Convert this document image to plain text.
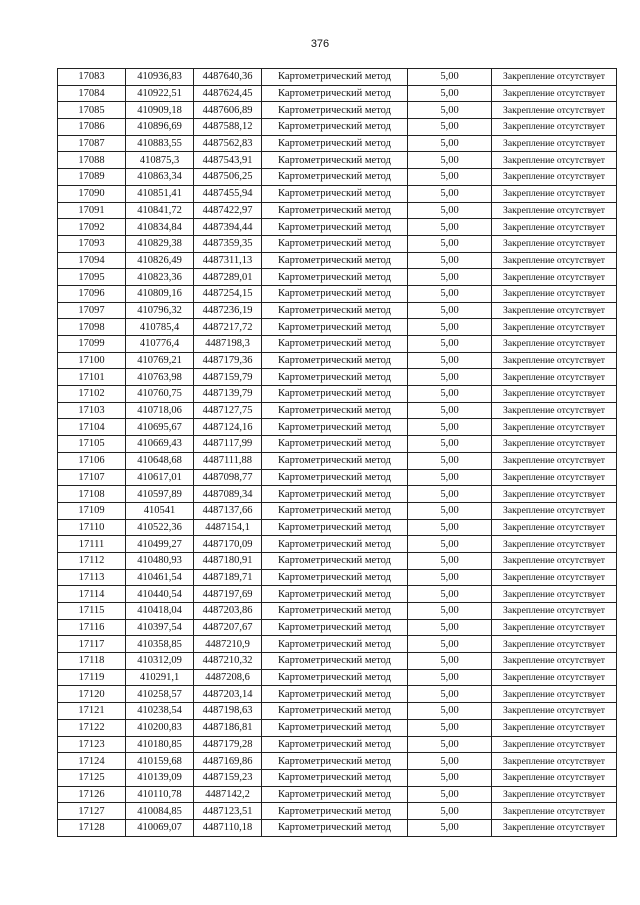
376
17083	410936,83	4487640,36	Картометрический метод	5,00	Закрепление отсутствует
17084	410922,51	4487624,45	Картометрический метод	5,00	Закрепление отсутствует
17085	410909,18	4487606,89	Картометрический метод	5,00	Закрепление отсутствует
17086	410896,69	4487588,12	Картометрический метод	5,00	Закрепление отсутствует
17087	410883,55	4487562,83	Картометрический метод	5,00	Закрепление отсутствует
17088	410875,3	4487543,91	Картометрический метод	5,00	Закрепление отсутствует
17089	410863,34	4487506,25	Картометрический метод	5,00	Закрепление отсутствует
17090	410851,41	4487455,94	Картометрический метод	5,00	Закрепление отсутствует
17091	410841,72	4487422,97	Картометрический метод	5,00	Закрепление отсутствует
17092	410834,84	4487394,44	Картометрический метод	5,00	Закрепление отсутствует
17093	410829,38	4487359,35	Картометрический метод	5,00	Закрепление отсутствует
17094	410826,49	4487311,13	Картометрический метод	5,00	Закрепление отсутствует
17095	410823,36	4487289,01	Картометрический метод	5,00	Закрепление отсутствует
17096	410809,16	4487254,15	Картометрический метод	5,00	Закрепление отсутствует
17097	410796,32	4487236,19	Картометрический метод	5,00	Закрепление отсутствует
17098	410785,4	4487217,72	Картометрический метод	5,00	Закрепление отсутствует
17099	410776,4	4487198,3	Картометрический метод	5,00	Закрепление отсутствует
17100	410769,21	4487179,36	Картометрический метод	5,00	Закрепление отсутствует
17101	410763,98	4487159,79	Картометрический метод	5,00	Закрепление отсутствует
17102	410760,75	4487139,79	Картометрический метод	5,00	Закрепление отсутствует
17103	410718,06	4487127,75	Картометрический метод	5,00	Закрепление отсутствует
17104	410695,67	4487124,16	Картометрический метод	5,00	Закрепление отсутствует
17105	410669,43	4487117,99	Картометрический метод	5,00	Закрепление отсутствует
17106	410648,68	4487111,88	Картометрический метод	5,00	Закрепление отсутствует
17107	410617,01	4487098,77	Картометрический метод	5,00	Закрепление отсутствует
17108	410597,89	4487089,34	Картометрический метод	5,00	Закрепление отсутствует
17109	410541	4487137,66	Картометрический метод	5,00	Закрепление отсутствует
17110	410522,36	4487154,1	Картометрический метод	5,00	Закрепление отсутствует
17111	410499,27	4487170,09	Картометрический метод	5,00	Закрепление отсутствует
17112	410480,93	4487180,91	Картометрический метод	5,00	Закрепление отсутствует
17113	410461,54	4487189,71	Картометрический метод	5,00	Закрепление отсутствует
17114	410440,54	4487197,69	Картометрический метод	5,00	Закрепление отсутствует
17115	410418,04	4487203,86	Картометрический метод	5,00	Закрепление отсутствует
17116	410397,54	4487207,67	Картометрический метод	5,00	Закрепление отсутствует
17117	410358,85	4487210,9	Картометрический метод	5,00	Закрепление отсутствует
17118	410312,09	4487210,32	Картометрический метод	5,00	Закрепление отсутствует
17119	410291,1	4487208,6	Картометрический метод	5,00	Закрепление отсутствует
17120	410258,57	4487203,14	Картометрический метод	5,00	Закрепление отсутствует
17121	410238,54	4487198,63	Картометрический метод	5,00	Закрепление отсутствует
17122	410200,83	4487186,81	Картометрический метод	5,00	Закрепление отсутствует
17123	410180,85	4487179,28	Картометрический метод	5,00	Закрепление отсутствует
17124	410159,68	4487169,86	Картометрический метод	5,00	Закрепление отсутствует
17125	410139,09	4487159,23	Картометрический метод	5,00	Закрепление отсутствует
17126	410110,78	4487142,2	Картометрический метод	5,00	Закрепление отсутствует
17127	410084,85	4487123,51	Картометрический метод	5,00	Закрепление отсутствует
17128	410069,07	4487110,18	Картометрический метод	5,00	Закрепление отсутствует
